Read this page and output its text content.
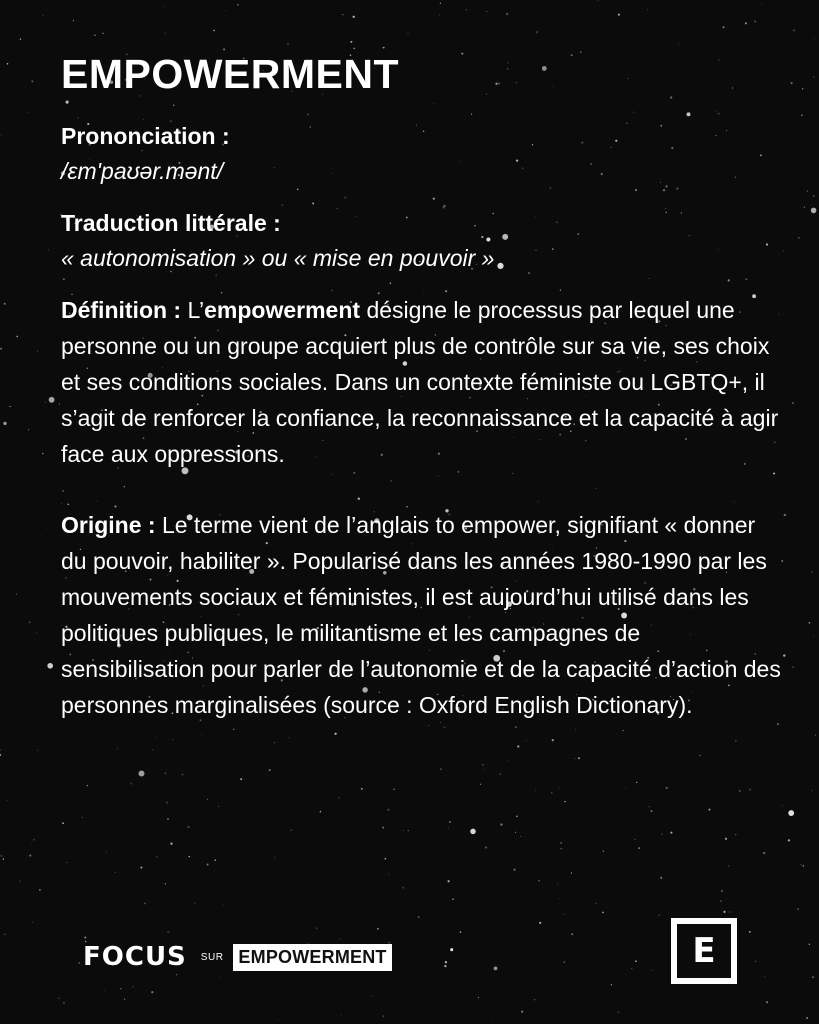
EMPOWERMENT
Prononciation :
/ɛm'paʊər.mənt/
Traduction littérale :
« autonomisation » ou « mise en pouvoir »

Définition : L’empowerment désigne le processus par lequel une personne ou un groupe acquiert plus de contrôle sur sa vie, ses choix et ses conditions sociales. Dans un contexte féministe ou LGBTQ+, il s’agit de renforcer la confiance, la reconnaissance et la capacité à agir face aux oppressions.

Origine : Le terme vient de l’anglais to empower, signifiant « donner du pouvoir, habiliter ». Popularisé dans les années 1980-1990 par les mouvements sociaux et féministes, il est aujourd’hui utilisé dans les politiques publiques, le militantisme et les campagnes de sensibilisation pour parler de l’autonomie et de la capacité d’action des personnes marginalisées (source : Oxford English Dictionary).

FOCUS SUR EMPOWERMENT	E
